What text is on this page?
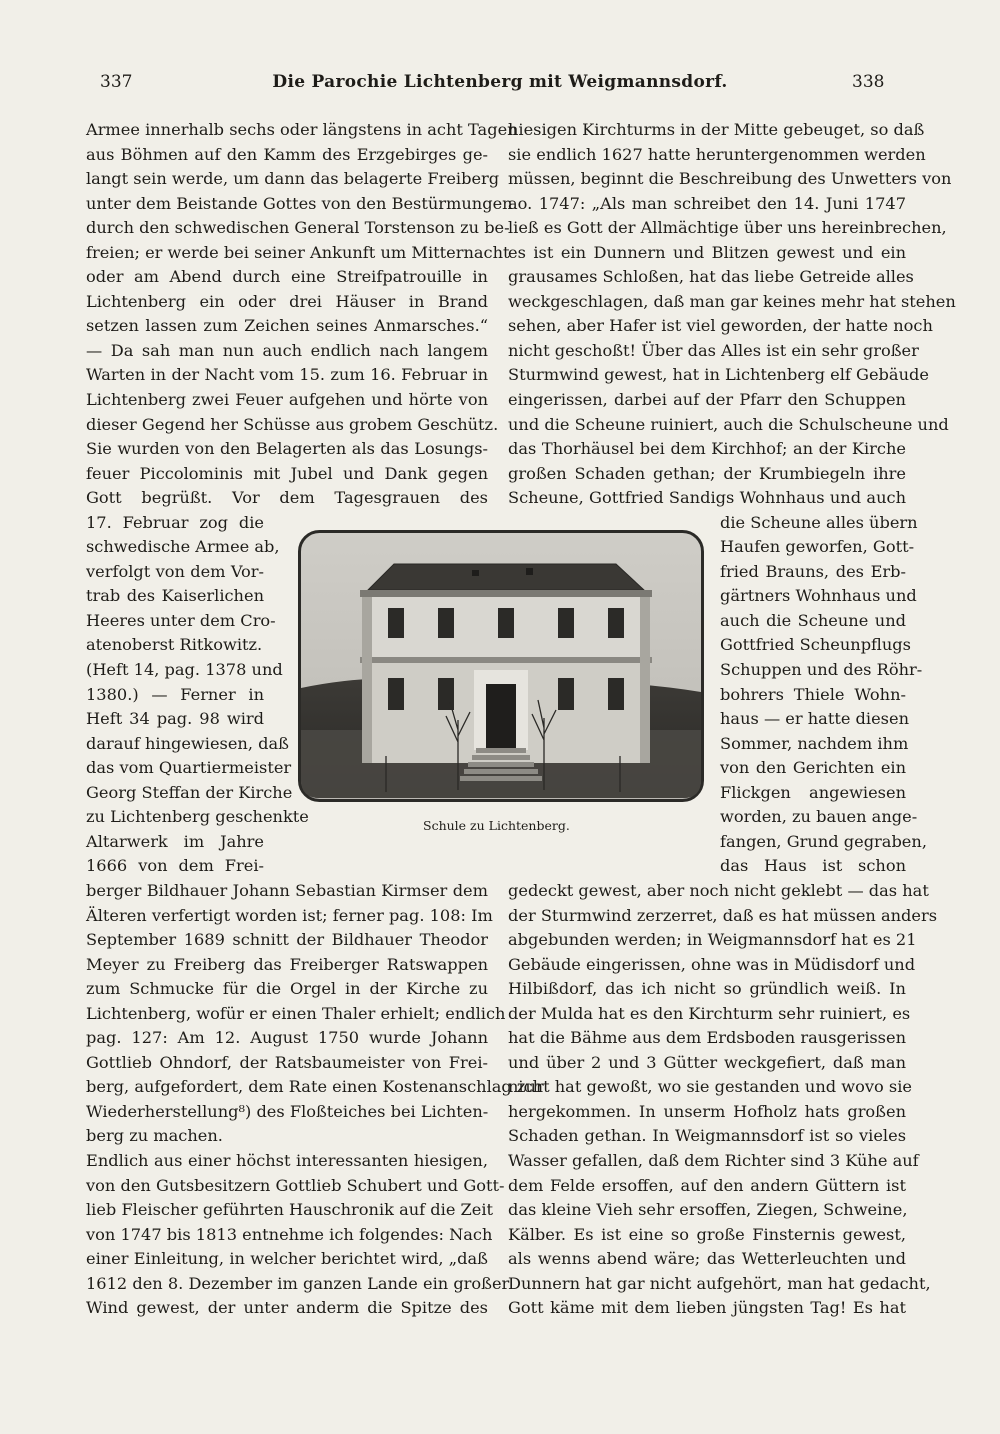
337	Die Parochie Lichtenberg mit Weigmannsdorf.	338
Armee innerhalb sechs oder längstens in acht Tagen
aus Böhmen auf den Kamm des Erzgebirges ge-
langt sein werde, um dann das belagerte Freiberg
unter dem Beistande Gottes von den Bestürmungen
durch den schwedischen General Torstenson zu be-
freien; er werde bei seiner Ankunft um Mitternacht
oder am Abend durch eine Streifpatrouille in
Lichtenberg ein oder drei Häuser in Brand
setzen lassen zum Zeichen seines Anmarsches.“
— Da sah man nun auch endlich nach langem
Warten in der Nacht vom 15. zum 16. Februar in
Lichtenberg zwei Feuer aufgehen und hörte von
dieser Gegend her Schüsse aus grobem Geschütz.
Sie wurden von den Belagerten als das Losungs-
feuer Piccolominis mit Jubel und Dank gegen
Gott begrüßt. Vor dem Tagesgrauen des
17. Februar zog die
schwedische Armee ab,
verfolgt von dem Vor-
trab des Kaiserlichen
Heeres unter dem Cro-
atenoberst Ritkowitz.
(Heft 14, pag. 1378 und
1380.) — Ferner in
Heft 34 pag. 98 wird
darauf hingewiesen, daß
das vom Quartiermeister
Georg Steffan der Kirche
zu Lichtenberg geschenkte
Altarwerk im Jahre
1666 von dem Frei-
berger Bildhauer Johann Sebastian Kirmser dem
Älteren verfertigt worden ist; ferner pag. 108: Im
September 1689 schnitt der Bildhauer Theodor
Meyer zu Freiberg das Freiberger Ratswappen
zum Schmucke für die Orgel in der Kirche zu
Lichtenberg, wofür er einen Thaler erhielt; endlich
pag. 127: Am 12. August 1750 wurde Johann
Gottlieb Ohndorf, der Ratsbaumeister von Frei-
berg, aufgefordert, dem Rate einen Kostenanschlag zur
Wiederherstellung⁸) des Floßteiches bei Lichten-
berg zu machen.
Endlich aus einer höchst interessanten hiesigen,
von den Gutsbesitzern Gottlieb Schubert und Gott-
lieb Fleischer geführten Hauschronik auf die Zeit
von 1747 bis 1813 entnehme ich folgendes: Nach
einer Einleitung, in welcher berichtet wird, „daß
1612 den 8. Dezember im ganzen Lande ein großer
Wind gewest, der unter anderm die Spitze des
hiesigen Kirchturms in der Mitte gebeuget, so daß
sie endlich 1627 hatte heruntergenommen werden
müssen, beginnt die Beschreibung des Unwetters von
ao. 1747: „Als man schreibet den 14. Juni 1747
ließ es Gott der Allmächtige über uns hereinbrechen,
es ist ein Dunnern und Blitzen gewest und ein
grausames Schloßen, hat das liebe Getreide alles
weckgeschlagen, daß man gar keines mehr hat stehen
sehen, aber Hafer ist viel geworden, der hatte noch
nicht geschoßt! Über das Alles ist ein sehr großer
Sturmwind gewest, hat in Lichtenberg elf Gebäude
eingerissen, darbei auf der Pfarr den Schuppen
und die Scheune ruiniert, auch die Schulscheune und
das Thorhäusel bei dem Kirchhof; an der Kirche
großen Schaden gethan; der Krumbiegeln ihre
Scheune, Gottfried Sandigs Wohnhaus und auch
die Scheune alles übern
Haufen geworfen, Gott-
fried Brauns, des Erb-
gärtners Wohnhaus und
auch die Scheune und
Gottfried Scheunpflugs
Schuppen und des Röhr-
bohrers Thiele Wohn-
haus — er hatte diesen
Sommer, nachdem ihm
von den Gerichten ein
Flickgen angewiesen
worden, zu bauen ange-
fangen, Grund gegraben,
das Haus ist schon
gedeckt gewest, aber noch nicht geklebt — das hat
der Sturmwind zerzerret, daß es hat müssen anders
abgebunden werden; in Weigmannsdorf hat es 21
Gebäude eingerissen, ohne was in Müdisdorf und
Hilbißdorf, das ich nicht so gründlich weiß. In
der Mulda hat es den Kirchturm sehr ruiniert, es
hat die Bähme aus dem Erdsboden rausgerissen
und über 2 und 3 Gütter weckgefiert, daß man
nicht hat gewoßt, wo sie gestanden und wovo sie
hergekommen. In unserm Hofholz hats großen
Schaden gethan. In Weigmannsdorf ist so vieles
Wasser gefallen, daß dem Richter sind 3 Kühe auf
dem Felde ersoffen, auf den andern Güttern ist
das kleine Vieh sehr ersoffen, Ziegen, Schweine,
Kälber. Es ist eine so große Finsternis gewest,
als wenns abend wäre; das Wetterleuchten und
Dunnern hat gar nicht aufgehört, man hat gedacht,
Gott käme mit dem lieben jüngsten Tag! Es hat
Schule zu Lichtenberg.
